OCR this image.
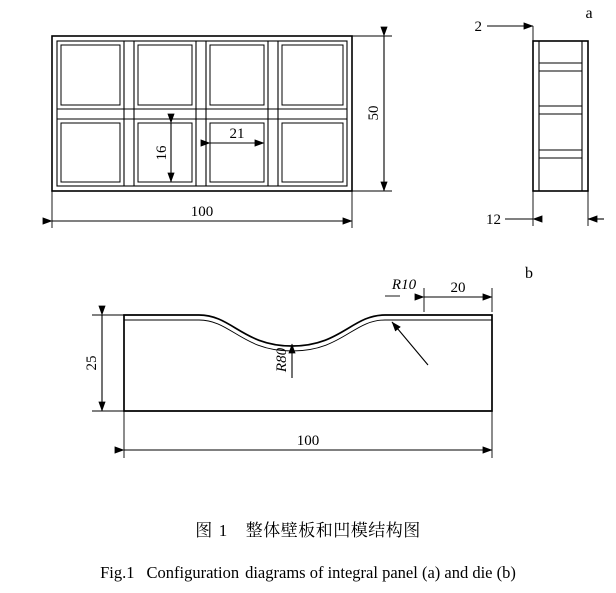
16
21
50
100
a
2
12
b
R80
R10 20
25
100
图 1 整体壁板和凹模结构图
Fig.1 Configuration diagrams of integral panel (a) and die (b)
